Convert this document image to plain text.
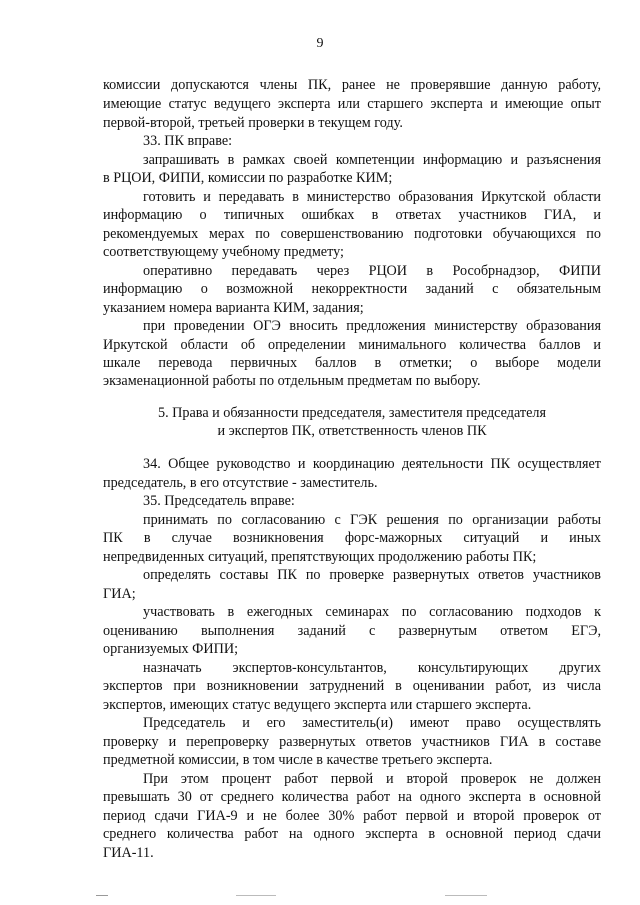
9
комиссии допускаются члены ПК, ранее не проверявшие данную работу,
имеющие статус ведущего эксперта или старшего эксперта и имеющие опыт
первой-второй, третьей проверки в текущем году.
33. ПК вправе:
запрашивать в рамках своей компетенции информацию и разъяснения
в РЦОИ, ФИПИ, комиссии по разработке КИМ;
готовить и передавать в министерство образования Иркутской области
информацию о типичных ошибках в ответах участников ГИА, и
рекомендуемых мерах по совершенствованию подготовки обучающихся по
соответствующему учебному предмету;
оперативно передавать через РЦОИ в Рособрнадзор, ФИПИ
информацию о возможной некорректности заданий с обязательным
указанием номера варианта КИМ, задания;
при проведении ОГЭ вносить предложения министерству образования
Иркутской области об определении минимального количества баллов и
шкале перевода первичных баллов в отметки; о выборе модели
экзаменационной работы по отдельным предметам по выбору.
5. Права и обязанности председателя, заместителя председателя
и экспертов ПК, ответственность членов ПК
34. Общее руководство и координацию деятельности ПК осуществляет
председатель, в его отсутствие - заместитель.
35. Председатель вправе:
принимать по согласованию с ГЭК решения по организации работы
ПК в случае возникновения форс-мажорных ситуаций и иных
непредвиденных ситуаций, препятствующих продолжению работы ПК;
определять составы ПК по проверке развернутых ответов участников
ГИА;
участвовать в ежегодных семинарах по согласованию подходов к
оцениванию выполнения заданий с развернутым ответом ЕГЭ,
организуемых ФИПИ;
назначать экспертов-консультантов, консультирующих других
экспертов при возникновении затруднений в оценивании работ, из числа
экспертов, имеющих статус ведущего эксперта или старшего эксперта.
Председатель и его заместитель(и) имеют право осуществлять
проверку и перепроверку развернутых ответов участников ГИА в составе
предметной комиссии, в том числе в качестве третьего эксперта.
При этом процент работ первой и второй проверок не должен
превышать 30 от среднего количества работ на одного эксперта в основной
период сдачи ГИА-9 и не более 30% работ первой и второй проверок от
среднего количества работ на одного эксперта в основной период сдачи
ГИА-11.
